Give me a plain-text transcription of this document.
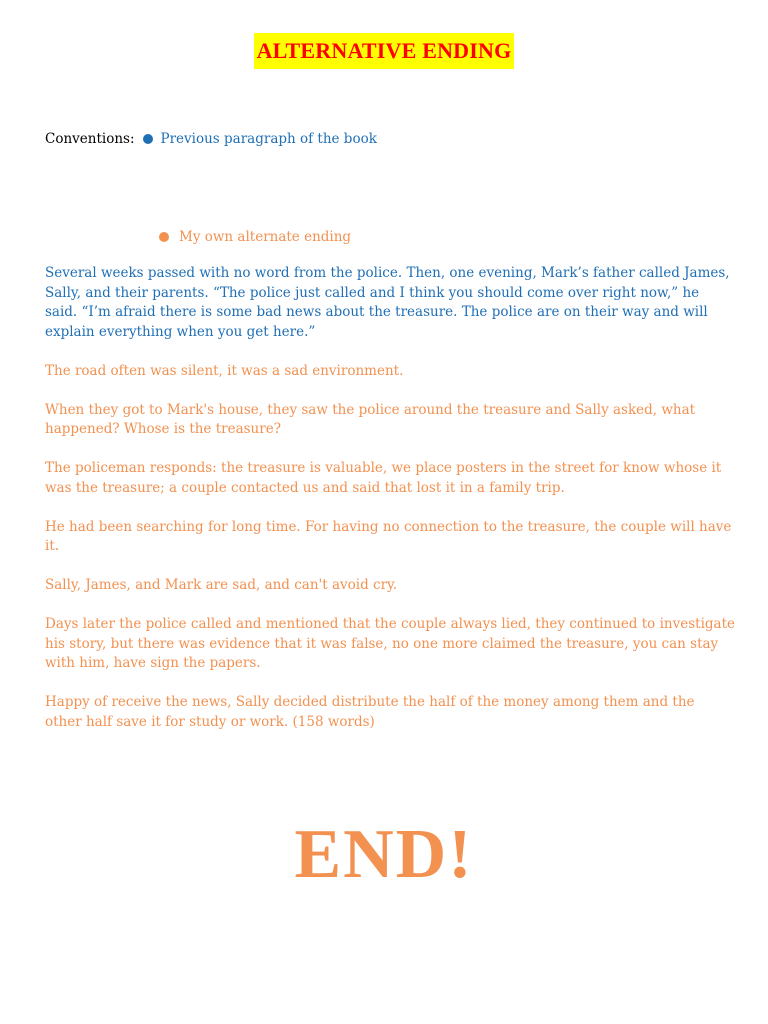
ALTERNATIVE ENDING
Conventions: Previous paragraph of the book
My own alternate ending

Several weeks passed with no word from the police. Then, one evening, Mark’s father called James, Sally, and their parents. “The police just called and I think you should come over right now,” he said. “I’m afraid there is some bad news about the treasure. The police are on their way and will explain everything when you get here.”

The road often was silent, it was a sad environment.

When they got to Mark's house, they saw the police around the treasure and Sally asked, what happened? Whose is the treasure?

The policeman responds: the treasure is valuable, we place posters in the street for know whose it was the treasure; a couple contacted us and said that lost it in a family trip.

He had been searching for long time. For having no connection to the treasure, the couple will have it.

Sally, James, and Mark are sad, and can't avoid cry.

Days later the police called and mentioned that the couple always lied, they continued to investigate his story, but there was evidence that it was false, no one more claimed the treasure, you can stay with him, have sign the papers.

Happy of receive the news, Sally decided distribute the half of the money among them and the other half save it for study or work. (158 words)

END!
